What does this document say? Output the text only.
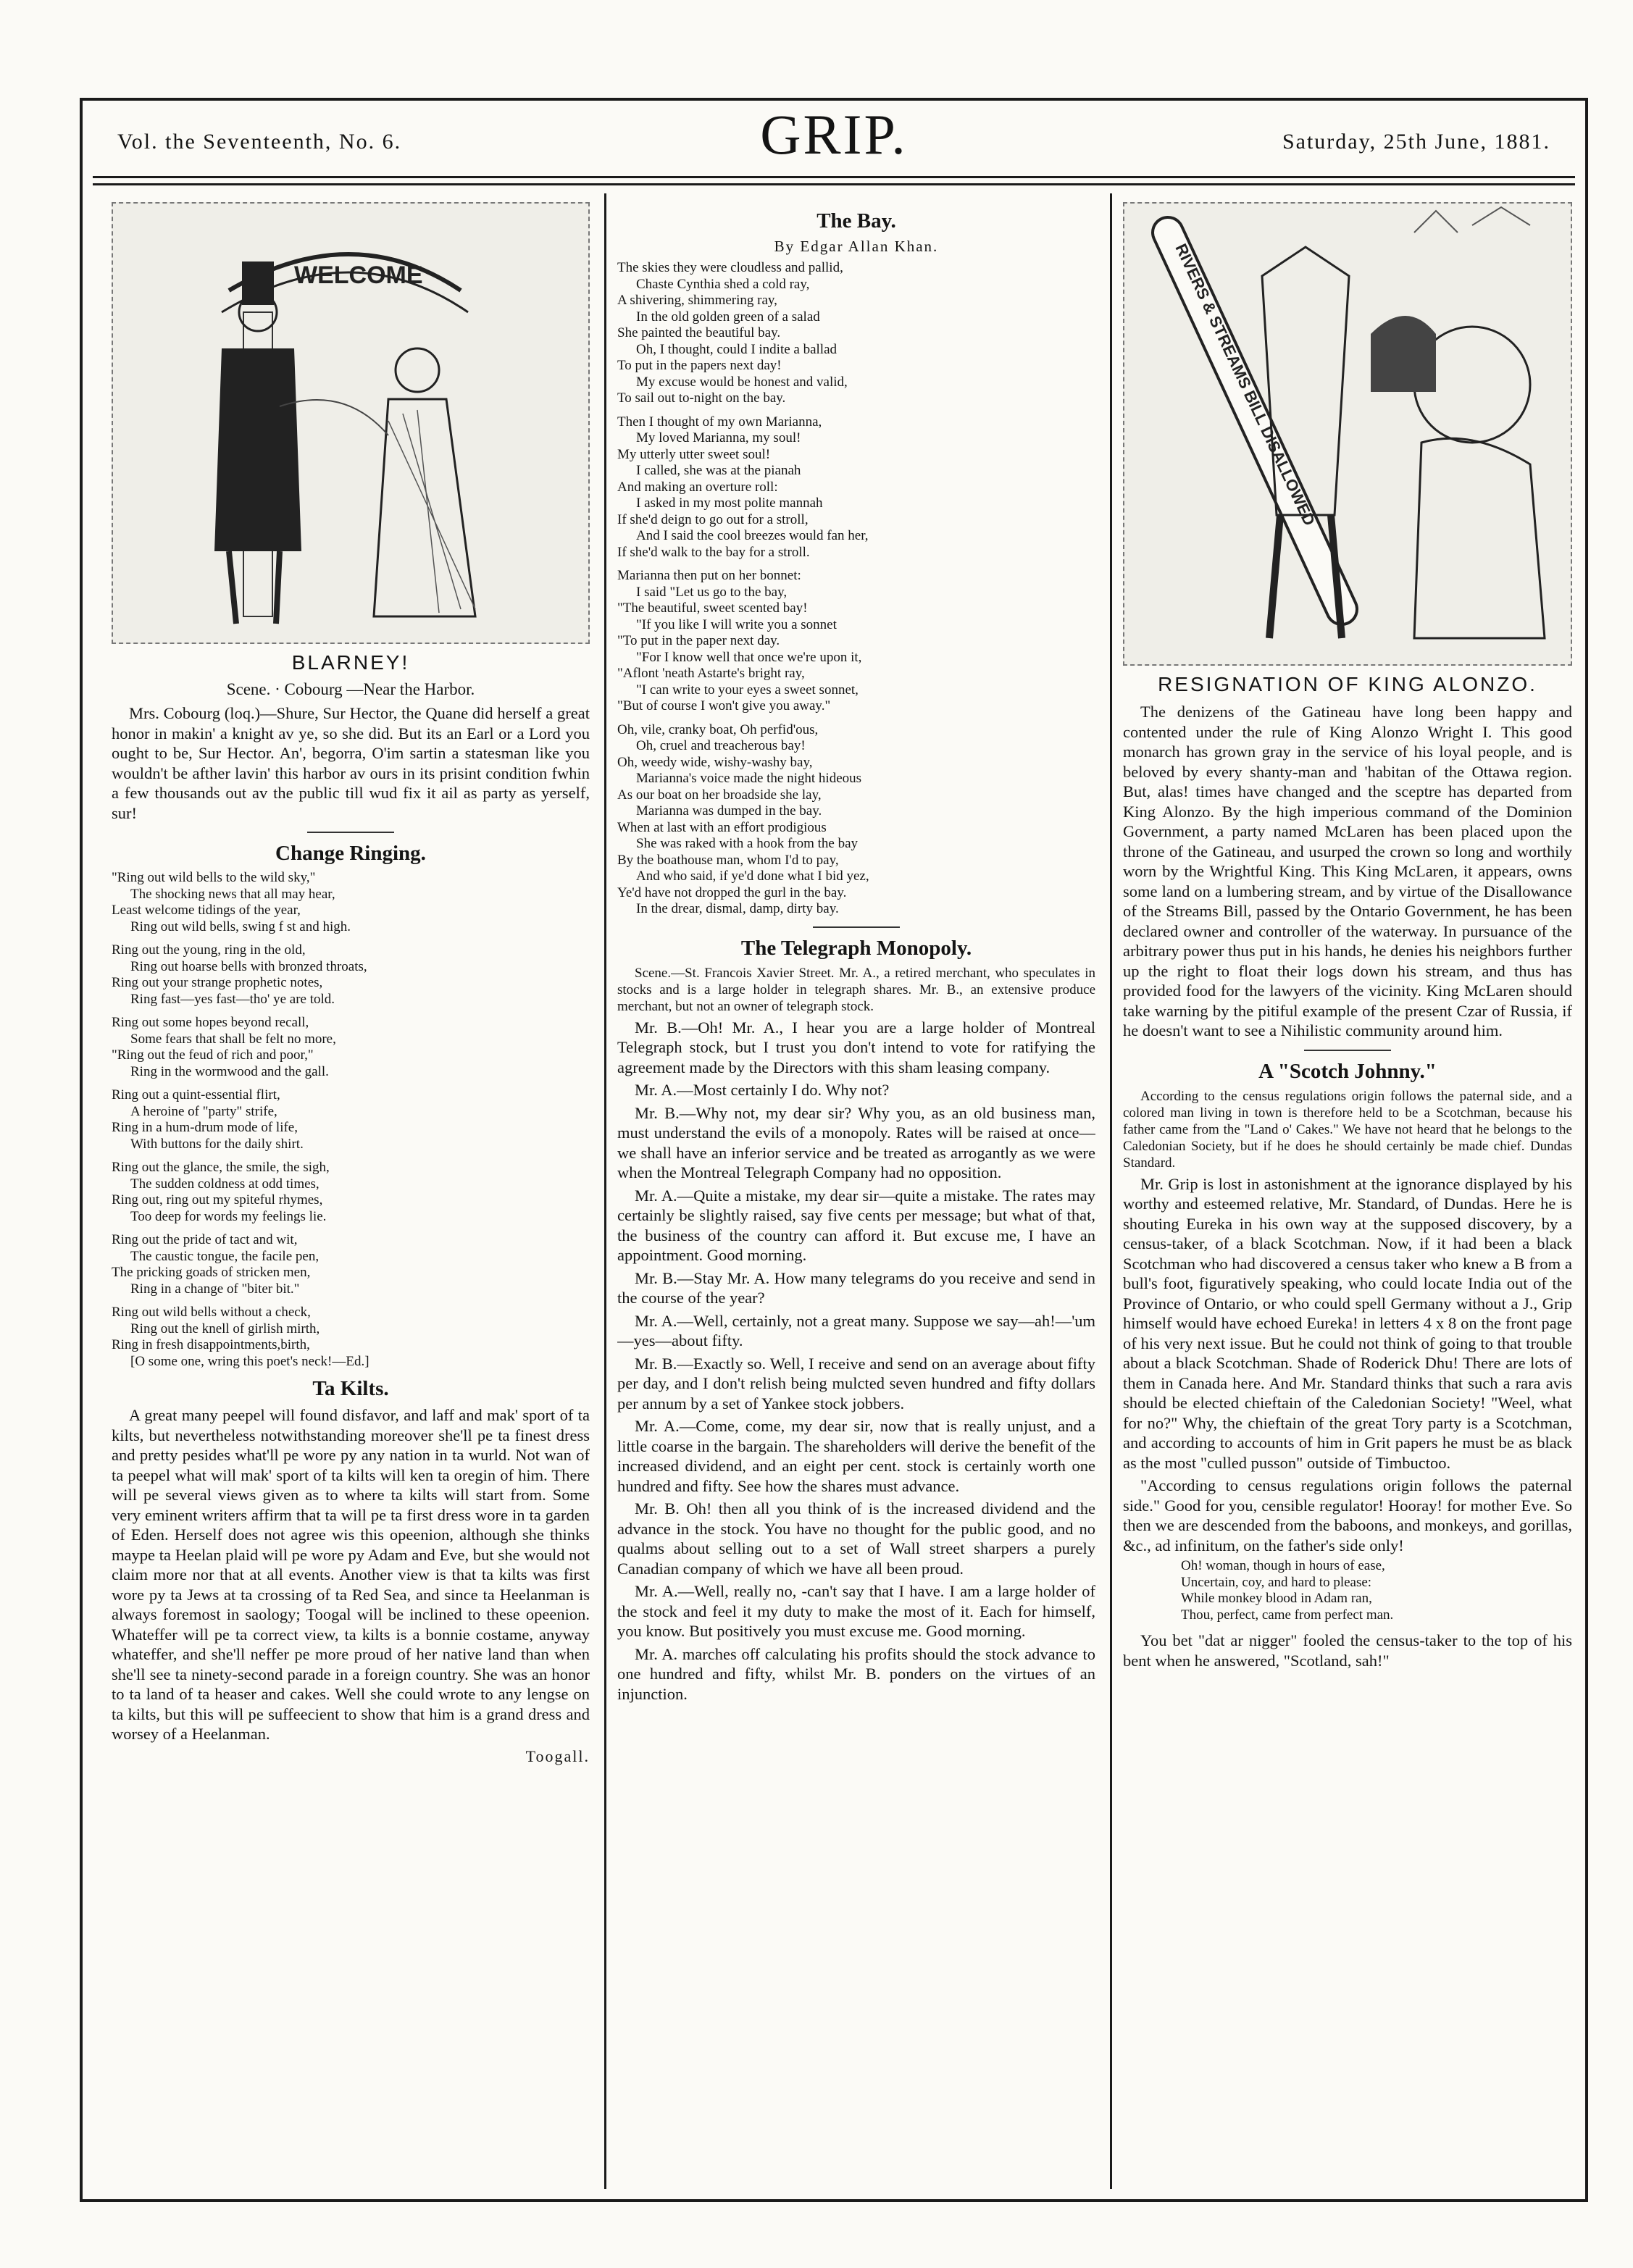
Vol. the Seventeenth, No. 6.	GRIP.	Saturday, 25th June, 1881.
WELCOME
BLARNEY!
Scene. · Cobourg —Near the Harbor.

Mrs. Cobourg (loq.)—Shure, Sur Hector, the Quane did herself a great honor in makin' a knight av ye, so she did. But its an Earl or a Lord you ought to be, Sur Hector. An', begorra, O'im sartin a statesman like you wouldn't be afther lavin' this harbor av ours in its prisint condition fwhin a few thousands out av the public till wud fix it ail as party as yerself, sur!

Change Ringing.
"Ring out wild bells to the wild sky,"
The shocking news that all may hear,
Least welcome tidings of the year,
Ring out wild bells, swing f st and high.
Ring out the young, ring in the old,
Ring out hoarse bells with bronzed throats,
Ring out your strange prophetic notes,
Ring fast—yes fast—tho' ye are told.
Ring out some hopes beyond recall,
Some fears that shall be felt no more,
"Ring out the feud of rich and poor,"
Ring in the wormwood and the gall.
Ring out a quint-essential flirt,
A heroine of "party" strife,
Ring in a hum-drum mode of life,
With buttons for the daily shirt.
Ring out the glance, the smile, the sigh,
The sudden coldness at odd times,
Ring out, ring out my spiteful rhymes,
Too deep for words my feelings lie.
Ring out the pride of tact and wit,
The caustic tongue, the facile pen,
The pricking goads of stricken men,
Ring in a change of "biter bit."
Ring out wild bells without a check,
Ring out the knell of girlish mirth,
Ring in fresh disappointments,birth,
[O some one, wring this poet's neck!—Ed.]
Ta Kilts.

A great many peepel will found disfavor, and laff and mak' sport of ta kilts, but nevertheless notwithstanding moreover she'll pe ta finest dress and pretty pesides what'll pe wore py any nation in ta wurld. Not wan of ta peepel what will mak' sport of ta kilts will ken ta oregin of him. There will pe several views given as to where ta kilts will start from. Some very eminent writers affirm that ta will pe ta first dress wore in ta garden of Eden. Herself does not agree wis this opeenion, although she thinks maype ta Heelan plaid will pe wore py Adam and Eve, but she would not claim more nor that at all events. Another view is that ta kilts was first wore py ta Jews at ta crossing of ta Red Sea, and since ta Heelanman is always foremost in saology; Toogal will be inclined to these opeenion. Whateffer will pe ta correct view, ta kilts is a bonnie costame, anyway whateffer, and she'll neffer pe more proud of her native land than when she'll see ta ninety-second parade in a foreign country. She was an honor to ta land of ta heaser and cakes. Well she could wrote to any lengse on ta kilts, but this will pe suffeecient to show that him is a grand dress and worsey of a Heelanman.

Toogall.
The Bay.
By Edgar Allan Khan.
The skies they were cloudless and pallid,
Chaste Cynthia shed a cold ray,
A shivering, shimmering ray,
In the old golden green of a salad
She painted the beautiful bay.
Oh, I thought, could I indite a ballad
To put in the papers next day!
My excuse would be honest and valid,
To sail out to-night on the bay.
Then I thought of my own Marianna,
My loved Marianna, my soul!
My utterly utter sweet soul!
I called, she was at the pianah
And making an overture roll:
I asked in my most polite mannah
If she'd deign to go out for a stroll,
And I said the cool breezes would fan her,
If she'd walk to the bay for a stroll.
Marianna then put on her bonnet:
I said "Let us go to the bay,
"The beautiful, sweet scented bay!
"If you like I will write you a sonnet
"To put in the paper next day.
"For I know well that once we're upon it,
"Aflont 'neath Astarte's bright ray,
"I can write to your eyes a sweet sonnet,
"But of course I won't give you away."
Oh, vile, cranky boat, Oh perfid'ous,
Oh, cruel and treacherous bay!
Oh, weedy wide, wishy-washy bay,
Marianna's voice made the night hideous
As our boat on her broadside she lay,
Marianna was dumped in the bay.
When at last with an effort prodigious
She was raked with a hook from the bay
By the boathouse man, whom I'd to pay,
And who said, if ye'd done what I bid yez,
Ye'd have not dropped the gurl in the bay.
In the drear, dismal, damp, dirty bay.
The Telegraph Monopoly.

Scene.—St. Francois Xavier Street. Mr. A., a retired merchant, who speculates in stocks and is a large holder in telegraph shares. Mr. B., an extensive produce merchant, but not an owner of telegraph stock.

Mr. B.—Oh! Mr. A., I hear you are a large holder of Montreal Telegraph stock, but I trust you don't intend to vote for ratifying the agreement made by the Directors with this sham leasing company.

Mr. A.—Most certainly I do. Why not?

Mr. B.—Why not, my dear sir? Why you, as an old business man, must understand the evils of a monopoly. Rates will be raised at once—we shall have an inferior service and be treated as arrogantly as we were when the Montreal Telegraph Company had no opposition.

Mr. A.—Quite a mistake, my dear sir—quite a mistake. The rates may certainly be slightly raised, say five cents per message; but what of that, the business of the country can afford it. But excuse me, I have an appointment. Good morning.

Mr. B.—Stay Mr. A. How many telegrams do you receive and send in the course of the year?

Mr. A.—Well, certainly, not a great many. Suppose we say—ah!—'um—yes—about fifty.

Mr. B.—Exactly so. Well, I receive and send on an average about fifty per day, and I don't relish being mulcted seven hundred and fifty dollars per annum by a set of Yankee stock jobbers.

Mr. A.—Come, come, my dear sir, now that is really unjust, and a little coarse in the bargain. The shareholders will derive the benefit of the increased dividend, and an eight per cent. stock is certainly worth one hundred and fifty. See how the shares must advance.

Mr. B. Oh! then all you think of is the increased dividend and the advance in the stock. You have no thought for the public good, and no qualms about selling out to a set of Wall street sharpers a purely Canadian company of which we have all been proud.

Mr. A.—Well, really no, -can't say that I have. I am a large holder of the stock and feel it my duty to make the most of it. Each for himself, you know. But positively you must excuse me. Good morning.

Mr. A. marches off calculating his profits should the stock advance to one hundred and fifty, whilst Mr. B. ponders on the virtues of an injunction.

RIVERS & STREAMS BILL DISALLOWED
RESIGNATION OF KING ALONZO.

The denizens of the Gatineau have long been happy and contented under the rule of King Alonzo Wright I. This good monarch has grown gray in the service of his loyal people, and is beloved by every shanty-man and 'habitan of the Ottawa region. But, alas! times have changed and the sceptre has departed from King Alonzo. By the high imperious command of the Dominion Government, a party named McLaren has been placed upon the throne of the Gatineau, and usurped the crown so long and worthily worn by the Wrightful King. This King McLaren, it appears, owns some land on a lumbering stream, and by virtue of the Disallowance of the Streams Bill, passed by the Ontario Government, he has been declared owner and controller of the waterway. In pursuance of the arbitrary power thus put in his hands, he denies his neighbors further up the right to float their logs down his stream, and thus has provided food for the lawyers of the vicinity. King McLaren should take warning by the pitiful example of the present Czar of Russia, if he doesn't want to see a Nihilistic community around him.

A "Scotch Johnny."

According to the census regulations origin follows the paternal side, and a colored man living in town is therefore held to be a Scotchman, because his father came from the "Land o' Cakes." We have not heard that he belongs to the Caledonian Society, but if he does he should certainly be made chief. Dundas Standard.

Mr. Grip is lost in astonishment at the ignorance displayed by his worthy and esteemed relative, Mr. Standard, of Dundas. Here he is shouting Eureka in his own way at the supposed discovery, by a census-taker, of a black Scotchman. Now, if it had been a black Scotchman who had discovered a census taker who knew a B from a bull's foot, figuratively speaking, who could locate India out of the Province of Ontario, or who could spell Germany without a J., Grip himself would have echoed Eureka! in letters 4 x 8 on the front page of his very next issue. But he could not think of going to that trouble about a black Scotchman. Shade of Roderick Dhu! There are lots of them in Canada here. And Mr. Standard thinks that such a rara avis should be elected chieftain of the Caledonian Society! "Weel, what for no?" Why, the chieftain of the great Tory party is a Scotchman, and according to accounts of him in Grit papers he must be as black as the most "culled pusson" outside of Timbuctoo.

"According to census regulations origin follows the paternal side." Good for you, censible regulator! Hooray! for mother Eve. So then we are descended from the baboons, and monkeys, and gorillas, &c., ad infinitum, on the father's side only!

Oh! woman, though in hours of ease,
Uncertain, coy, and hard to please:
While monkey blood in Adam ran,
Thou, perfect, came from perfect man.

You bet "dat ar nigger" fooled the census-taker to the top of his bent when he answered, "Scotland, sah!"
